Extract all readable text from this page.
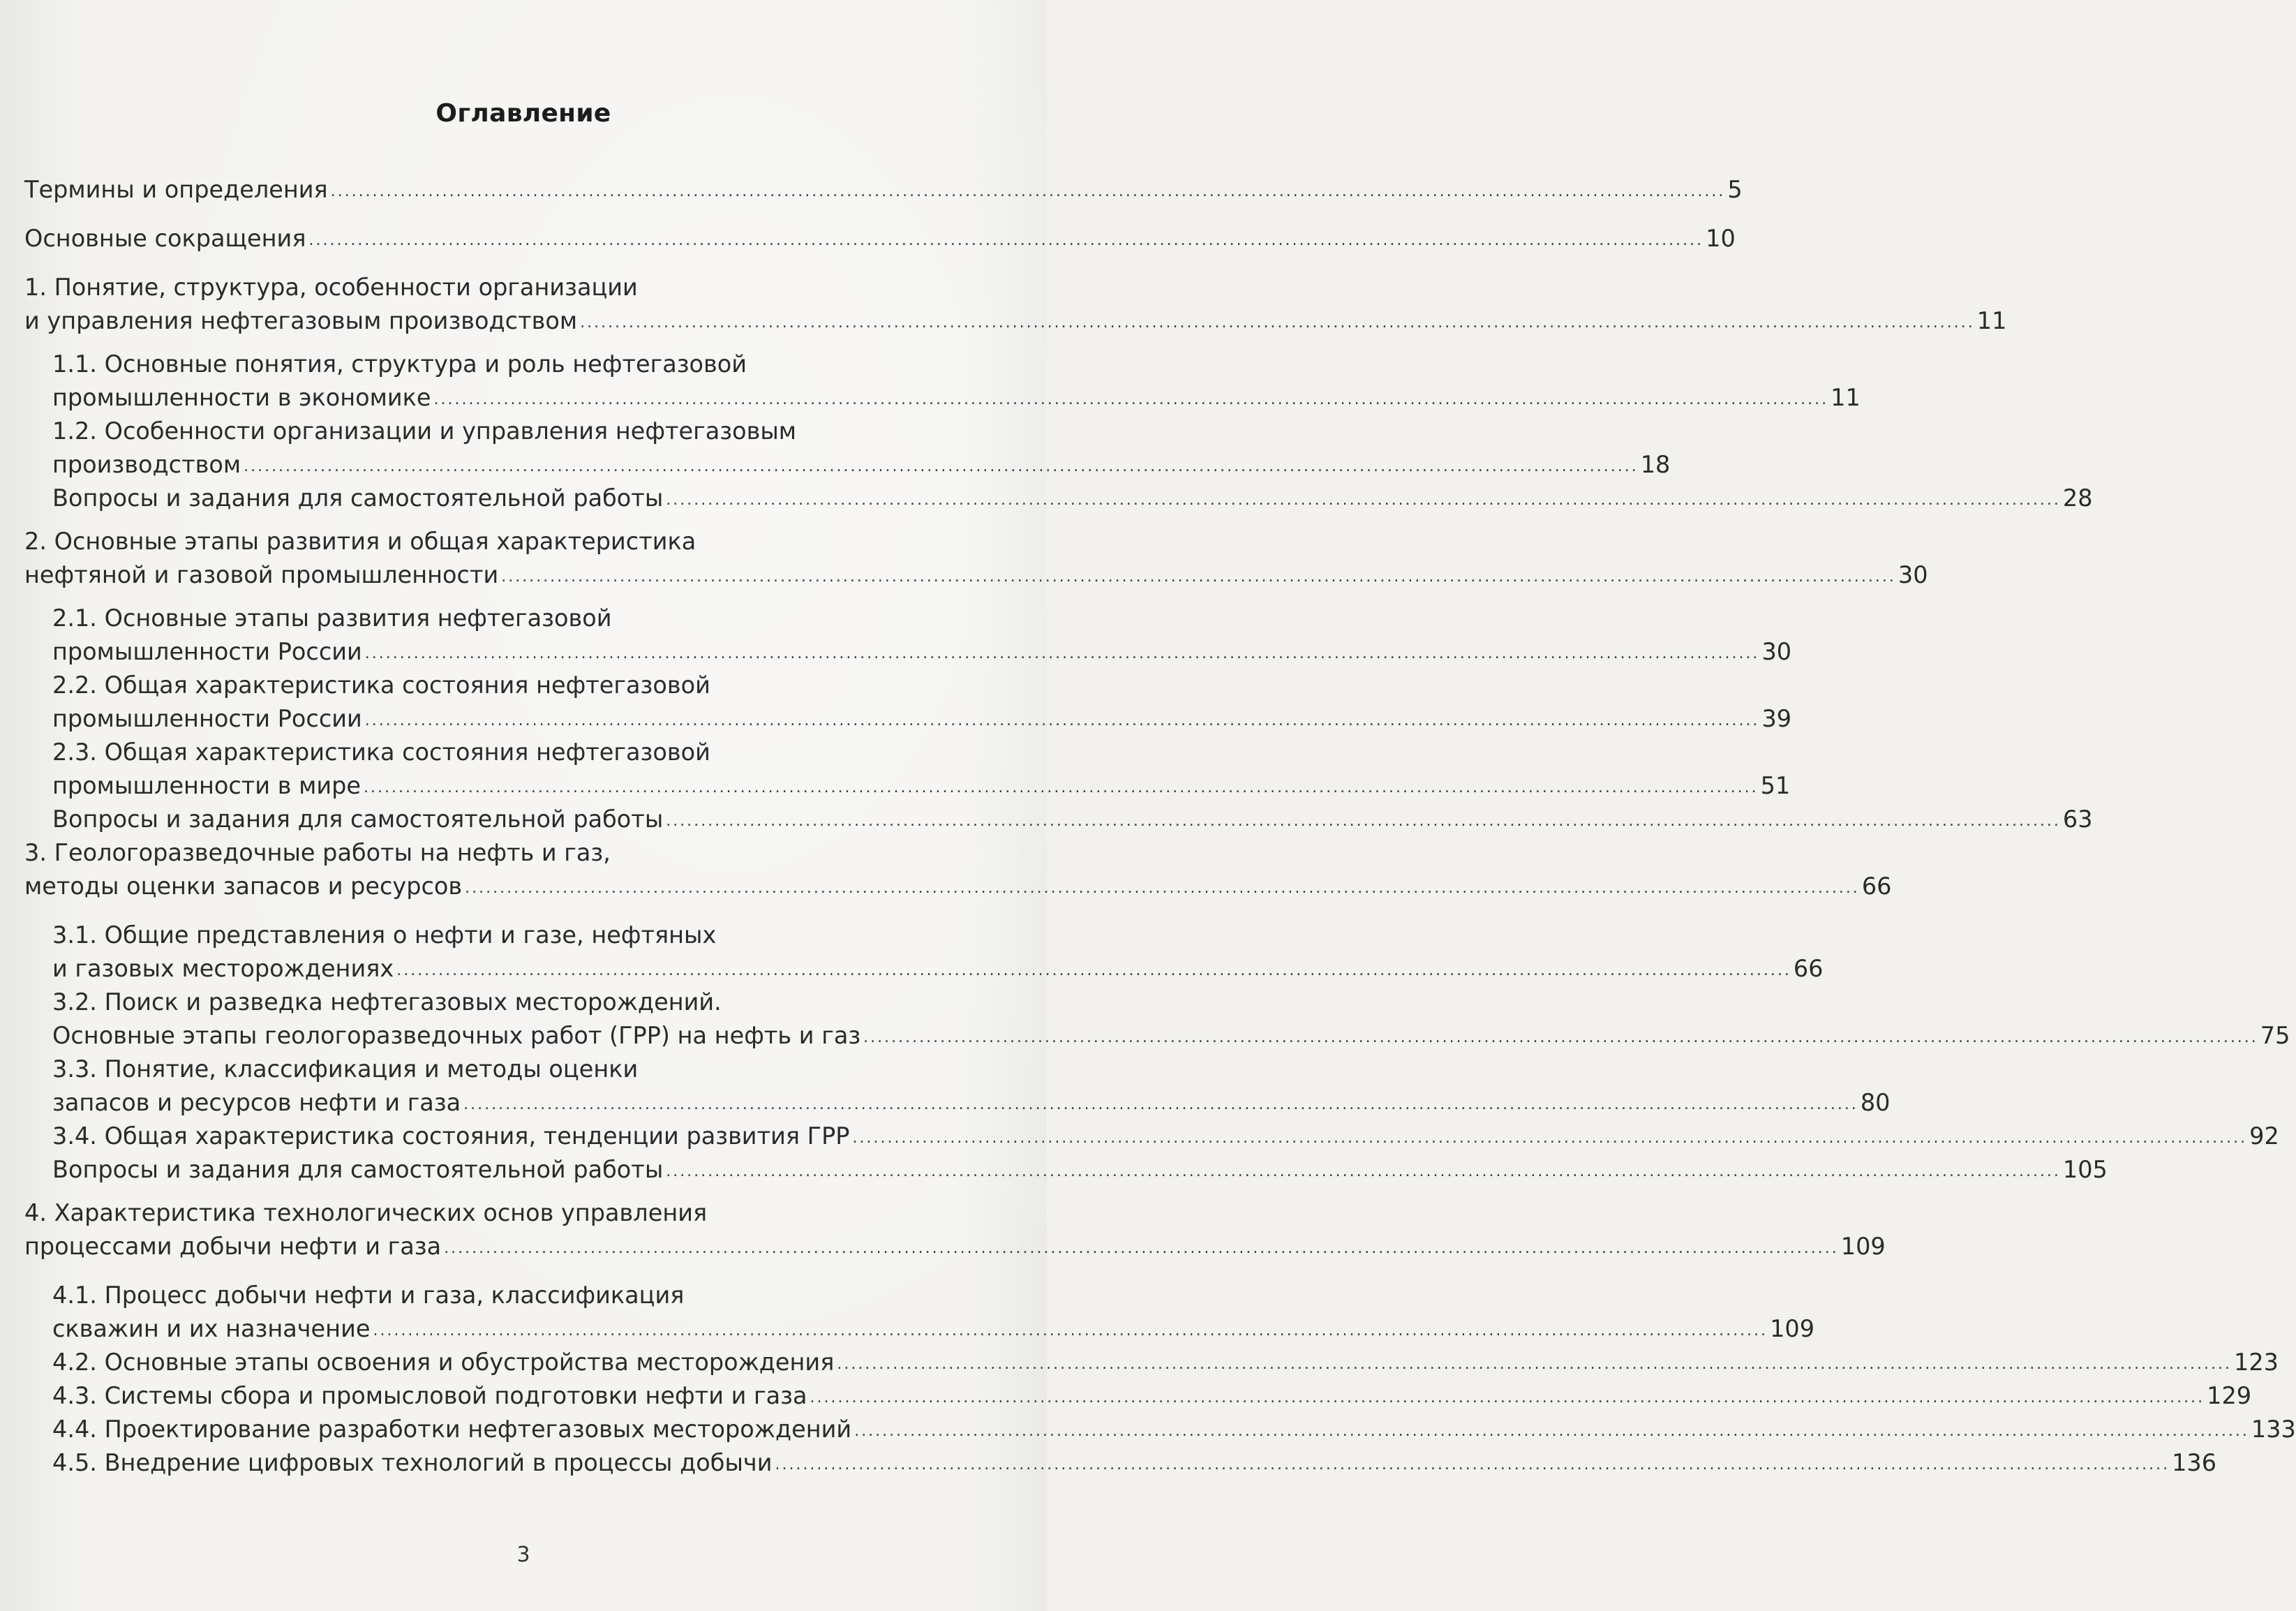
Оглавление
Термины и определения ........................................................................................................................................................................................................ 5
Основные сокращения ........................................................................................................................................................................................................ 10
1. Понятие, структура, особенности организации
и управления нефтегазовым производством ........................................................................................................................................................................................................ 11
1.1. Основные понятия, структура и роль нефтегазовой
промышленности в экономике ........................................................................................................................................................................................................ 11
1.2. Особенности организации и управления нефтегазовым
производством ........................................................................................................................................................................................................ 18
Вопросы и задания для самостоятельной работы ........................................................................................................................................................................................................ 28
2. Основные этапы развития и общая характеристика
нефтяной и газовой промышленности ........................................................................................................................................................................................................ 30
2.1. Основные этапы развития нефтегазовой
промышленности России ........................................................................................................................................................................................................ 30
2.2. Общая характеристика состояния нефтегазовой
промышленности России ........................................................................................................................................................................................................ 39
2.3. Общая характеристика состояния нефтегазовой
промышленности в мире ........................................................................................................................................................................................................ 51
Вопросы и задания для самостоятельной работы ........................................................................................................................................................................................................ 63
3. Геологоразведочные работы на нефть и газ,
методы оценки запасов и ресурсов ........................................................................................................................................................................................................ 66
3.1. Общие представления о нефти и газе, нефтяных
и газовых месторождениях ........................................................................................................................................................................................................ 66
3.2. Поиск и разведка нефтегазовых месторождений.
Основные этапы геологоразведочных работ (ГРР) на нефть и газ ........................................................................................................................................................................................................ 75
3.3. Понятие, классификация и методы оценки
запасов и ресурсов нефти и газа ........................................................................................................................................................................................................ 80
3.4. Общая характеристика состояния, тенденции развития ГРР ........................................................................................................................................................................................................ 92
Вопросы и задания для самостоятельной работы ........................................................................................................................................................................................................ 105
4. Характеристика технологических основ управления
процессами добычи нефти и газа ........................................................................................................................................................................................................ 109
4.1. Процесс добычи нефти и газа, классификация
скважин и их назначение ........................................................................................................................................................................................................ 109
4.2. Основные этапы освоения и обустройства месторождения ........................................................................................................................................................................................................ 123
4.3. Системы сбора и промысловой подготовки нефти и газа ........................................................................................................................................................................................................ 129
4.4. Проектирование разработки нефтегазовых месторождений ........................................................................................................................................................................................................ 133
4.5. Внедрение цифровых технологий в процессы добычи ........................................................................................................................................................................................................ 136
3
